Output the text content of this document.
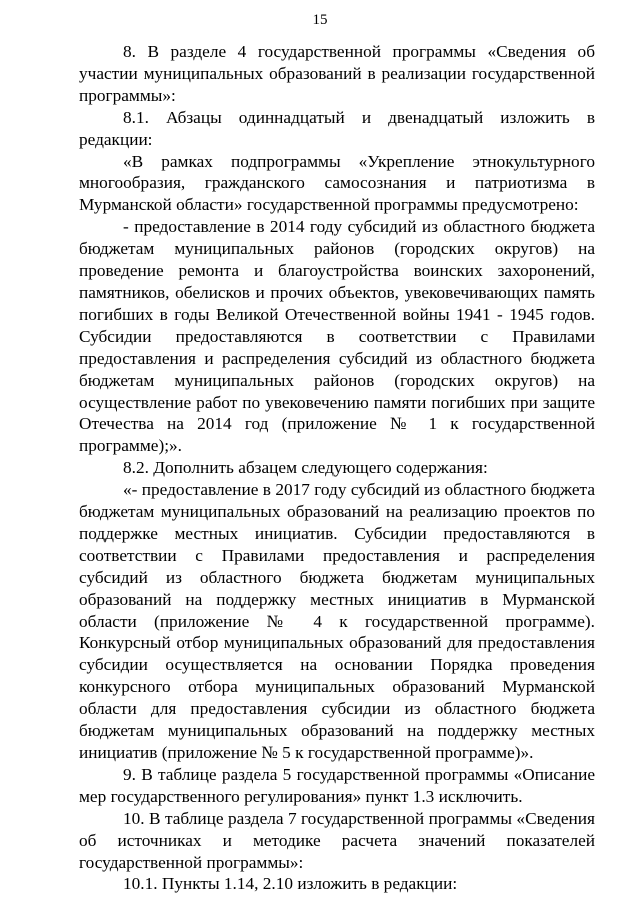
15

8. В разделе 4 государственной программы «Сведения об участии муниципальных образований в реализации государственной программы»:

8.1. Абзацы одиннадцатый и двенадцатый изложить в редакции:

«В рамках подпрограммы «Укрепление этнокультурного многообразия, гражданского самосознания и патриотизма в Мурманской области» государственной программы предусмотрено:

- предоставление в 2014 году субсидий из областного бюджета бюджетам муниципальных районов (городских округов) на проведение ремонта и благоустройства воинских захоронений, памятников, обелисков и прочих объектов, увековечивающих память погибших в годы Великой Отечественной войны 1941 - 1945 годов. Субсидии предоставляются в соответствии с Правилами предоставления и распределения субсидий из областного бюджета бюджетам муниципальных районов (городских округов) на осуществление работ по увековечению памяти погибших при защите Отечества на 2014 год (приложение № 1 к государственной программе);».

8.2. Дополнить абзацем следующего содержания:

«- предоставление в 2017 году субсидий из областного бюджета бюджетам муниципальных образований на реализацию проектов по поддержке местных инициатив. Субсидии предоставляются в соответствии с Правилами предоставления и распределения субсидий из областного бюджета бюджетам муниципальных образований на поддержку местных инициатив в Мурманской области (приложение № 4 к государственной программе). Конкурсный отбор муниципальных образований для предоставления субсидии осуществляется на основании Порядка проведения конкурсного отбора муниципальных образований Мурманской области для предоставления субсидии из областного бюджета бюджетам муниципальных образований на поддержку местных инициатив (приложение № 5 к государственной программе)».

9. В таблице раздела 5 государственной программы «Описание мер государственного регулирования» пункт 1.3 исключить.

10. В таблице раздела 7 государственной программы «Сведения об источниках и методике расчета значений показателей государственной программы»:

10.1. Пункты 1.14, 2.10 изложить в редакции:
